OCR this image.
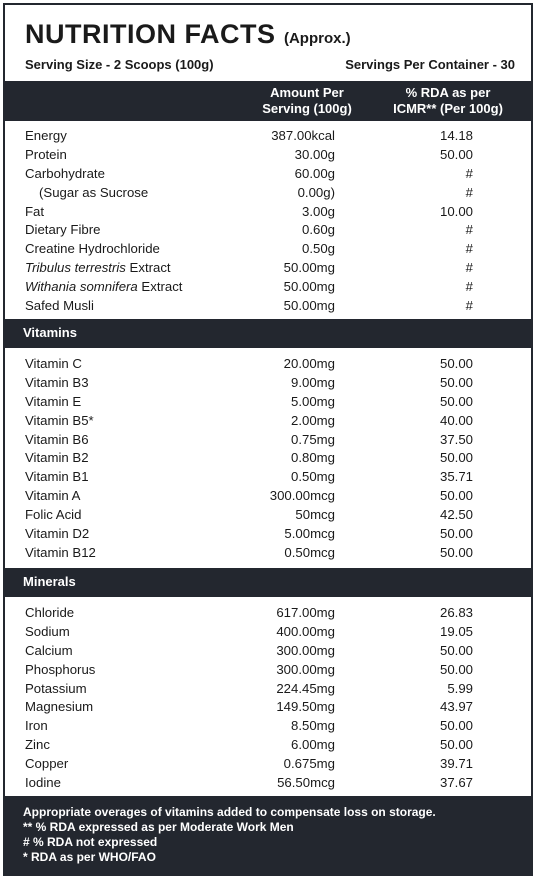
NUTRITION FACTS (Approx.)
Serving Size - 2 Scoops (100g)	Servings Per Container - 30
Amount Per
Serving (100g)
% RDA as per
ICMR** (Per 100g)
Energy	387.00kcal	14.18
Protein	30.00g	50.00
Carbohydrate	60.00g	#
(Sugar as Sucrose	0.00g)	#
Fat	3.00g	10.00
Dietary Fibre	0.60g	#
Creatine Hydrochloride	0.50g	#
Tribulus terrestris Extract	50.00mg	#
Withania somnifera Extract	50.00mg	#
Safed Musli	50.00mg	#
Vitamins
Vitamin C	20.00mg	50.00
Vitamin B3	9.00mg	50.00
Vitamin E	5.00mg	50.00
Vitamin B5*	2.00mg	40.00
Vitamin B6	0.75mg	37.50
Vitamin B2	0.80mg	50.00
Vitamin B1	0.50mg	35.71
Vitamin A	300.00mcg	50.00
Folic Acid	50mcg	42.50
Vitamin D2	5.00mcg	50.00
Vitamin B12	0.50mcg	50.00
Minerals
Chloride	617.00mg	26.83
Sodium	400.00mg	19.05
Calcium	300.00mg	50.00
Phosphorus	300.00mg	50.00
Potassium	224.45mg	5.99
Magnesium	149.50mg	43.97
Iron	8.50mg	50.00
Zinc	6.00mg	50.00
Copper	0.675mg	39.71
Iodine	56.50mcg	37.67
Appropriate overages of vitamins added to compensate loss on storage.
** % RDA expressed as per Moderate Work Men
# % RDA not expressed
* RDA as per WHO/FAO
